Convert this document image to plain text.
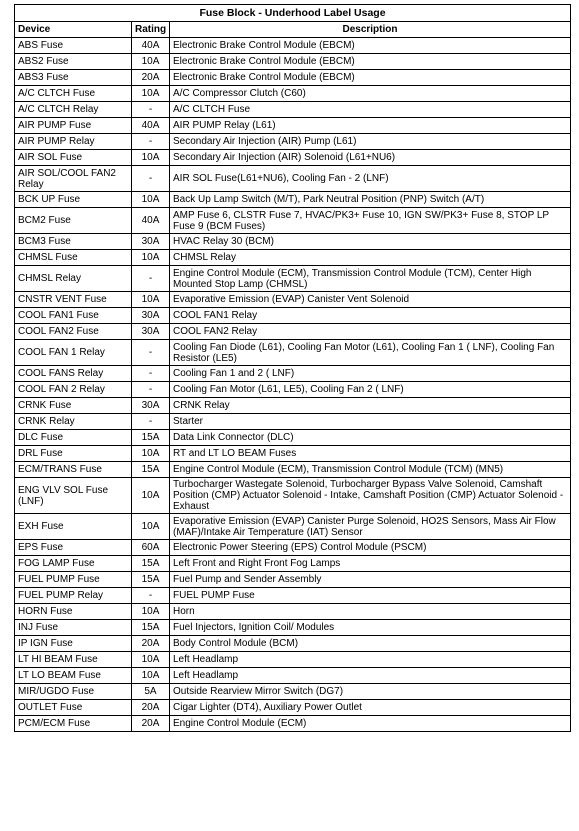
Fuse Block - Underhood Label Usage		
Device	Rating	Description
ABS Fuse	40A	Electronic Brake Control Module (EBCM)
ABS2 Fuse	10A	Electronic Brake Control Module (EBCM)
ABS3 Fuse	20A	Electronic Brake Control Module (EBCM)
A/C CLTCH Fuse	10A	A/C Compressor Clutch (C60)
A/C CLTCH Relay	-	A/C CLTCH Fuse
AIR PUMP Fuse	40A	AIR PUMP Relay (L61)
AIR PUMP Relay	-	Secondary Air Injection (AIR) Pump (L61)
AIR SOL Fuse	10A	Secondary Air Injection (AIR) Solenoid (L61+NU6)
AIR SOL/COOL FAN2 Relay	-	AIR SOL Fuse(L61+NU6), Cooling Fan - 2 (LNF)
BCK UP Fuse	10A	Back Up Lamp Switch (M/T), Park Neutral Position (PNP) Switch (A/T)
BCM2 Fuse	40A	AMP Fuse 6, CLSTR Fuse 7, HVAC/PK3+ Fuse 10, IGN SW/PK3+ Fuse 8, STOP LP Fuse 9 (BCM Fuses)
BCM3 Fuse	30A	HVAC Relay 30 (BCM)
CHMSL Fuse	10A	CHMSL Relay
CHMSL Relay	-	Engine Control Module (ECM), Transmission Control Module (TCM), Center High Mounted Stop Lamp (CHMSL)
CNSTR VENT Fuse	10A	Evaporative Emission (EVAP) Canister Vent Solenoid
COOL FAN1 Fuse	30A	COOL FAN1 Relay
COOL FAN2 Fuse	30A	COOL FAN2 Relay
COOL FAN 1 Relay	-	Cooling Fan Diode (L61), Cooling Fan Motor (L61), Cooling Fan 1 ( LNF), Cooling Fan Resistor (LE5)
COOL FANS Relay	-	Cooling Fan 1 and 2 ( LNF)
COOL FAN 2 Relay	-	Cooling Fan Motor (L61, LE5), Cooling Fan 2 ( LNF)
CRNK Fuse	30A	CRNK Relay
CRNK Relay	-	Starter
DLC Fuse	15A	Data Link Connector (DLC)
DRL Fuse	10A	RT and LT LO BEAM Fuses
ECM/TRANS Fuse	15A	Engine Control Module (ECM), Transmission Control Module (TCM) (MN5)
ENG VLV SOL Fuse (LNF)	10A	Turbocharger Wastegate Solenoid, Turbocharger Bypass Valve Solenoid, Camshaft Position (CMP) Actuator Solenoid - Intake, Camshaft Position (CMP) Actuator Solenoid - Exhaust
EXH Fuse	10A	Evaporative Emission (EVAP) Canister Purge Solenoid, HO2S Sensors, Mass Air Flow (MAF)/Intake Air Temperature (IAT) Sensor
EPS Fuse	60A	Electronic Power Steering (EPS) Control Module (PSCM)
FOG LAMP Fuse	15A	Left Front and Right Front Fog Lamps
FUEL PUMP Fuse	15A	Fuel Pump and Sender Assembly
FUEL PUMP Relay	-	FUEL PUMP Fuse
HORN Fuse	10A	Horn
INJ Fuse	15A	Fuel Injectors, Ignition Coil/ Modules
IP IGN Fuse	20A	Body Control Module (BCM)
LT HI BEAM Fuse	10A	Left Headlamp
LT LO BEAM Fuse	10A	Left Headlamp
MIR/UGDO Fuse	5A	Outside Rearview Mirror Switch (DG7)
OUTLET Fuse	20A	Cigar Lighter (DT4), Auxiliary Power Outlet
PCM/ECM Fuse	20A	Engine Control Module (ECM)
